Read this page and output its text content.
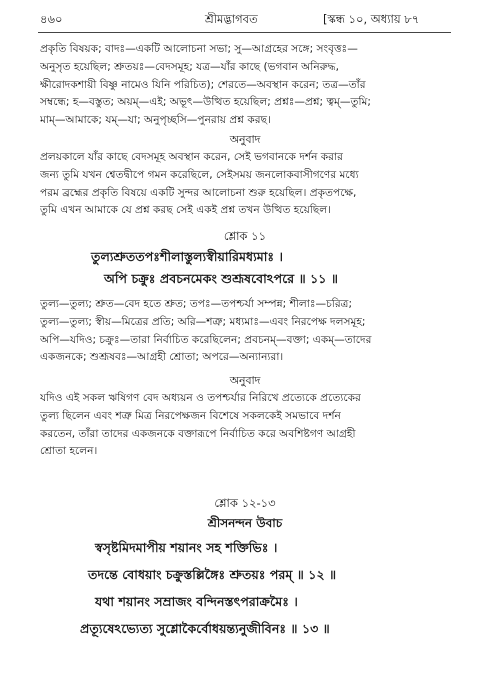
৪৬০	শ্রীমদ্ভাগবত	[স্কন্ধ ১০, অধ্যায় ৮৭
প্রকৃতি বিষয়ক; বাদঃ—একটি আলোচনা সভা; সু—আগ্রহের সঙ্গে; সংবৃত্তঃ—
অনুসৃত হয়েছিল; শ্রুতয়ঃ—বেদসমূহ; যত্র—যাঁর কাছে (ভগবান অনিরুদ্ধ,
ক্ষীরোদকশায়ী বিষ্ণু নামেও যিনি পরিচিত); শেরতে—অবস্থান করেন; তত্র—তাঁর
সম্বন্ধে; হ—বস্তুত; অয়ম্—এই; অভূৎ—উত্থিত হয়েছিল; প্রশ্নঃ—প্রশ্ন; ত্বম্—তুমি;
মাম্—আমাকে; যম্—যা; অনুপৃচ্ছসি—পুনরায় প্রশ্ন করছ।
অনুবাদ
প্রলয়কালে যাঁর কাছে বেদসমূহ অবস্থান করেন, সেই ভগবানকে দর্শন করার
জন্য তুমি যখন শ্বেতদ্বীপে গমন করেছিলে, সেইসময় জনলোকবাসীগণের মধ্যে
পরম ব্রহ্মের প্রকৃতি বিষয়ে একটি সুন্দর আলোচনা শুরু হয়েছিল। প্রকৃতপক্ষে,
তুমি এখন আমাকে যে প্রশ্ন করছ সেই একই প্রশ্ন তখন উত্থিত হয়েছিল।
শ্লোক ১১
তুল্যশ্রুততপঃশীলাস্তুল্যস্বীয়ারিমধ্যমাঃ ।
অপি চক্রুঃ প্রবচনমেকং শুশ্রূষবোঽপরে ॥ ১১ ॥
তুল্য—তুল্য; শ্রুত—বেদ হতে শ্রুত; তপঃ—তপশ্চর্যা সম্পন্ন; শীলাঃ—চরিত্র;
তুল্য—তুল্য; স্বীয়—মিত্রের প্রতি; অরি—শত্রু; মধ্যমাঃ—এবং নিরপেক্ষ দলসমূহ;
অপি—যদিও; চক্রুঃ—তারা নির্বাচিত করেছিলেন; প্রবচনম্—বক্তা; একম্—তাদের
একজনকে; শুশ্রূষবঃ—আগ্রহী শ্রোতা; অপরে—অন্যান্যরা।
অনুবাদ
যদিও এই সকল ঋষিগণ বেদ অধ্যয়ন ও তপশ্চর্যার নিরিখে প্রত্যেকে প্রত্যেকের
তুল্য ছিলেন এবং শত্রু মিত্র নিরপেক্ষজন বিশেষে সকলকেই সমভাবে দর্শন
করতেন, তাঁরা তাদের একজনকে বক্তারূপে নির্বাচিত করে অবশিষ্টগণ আগ্রহী
শ্রোতা হলেন।
শ্লোক ১২-১৩
শ্রীসনন্দন উবাচ
স্বসৃষ্টমিদমাপীয় শয়ানং সহ শক্তিভিঃ ।
তদন্তে বোধয়াং চক্রুস্তল্লিঙ্গৈঃ শ্রুতয়ঃ পরম্ ॥ ১২ ॥
যথা শয়ানং সম্রাজং বন্দিনস্তৎপরাক্রমৈঃ ।
প্রত্যূষেঽভ্যেত্য সুশ্লোকৈর্বোধয়ন্ত্যনুজীবিনঃ ॥ ১৩ ॥
